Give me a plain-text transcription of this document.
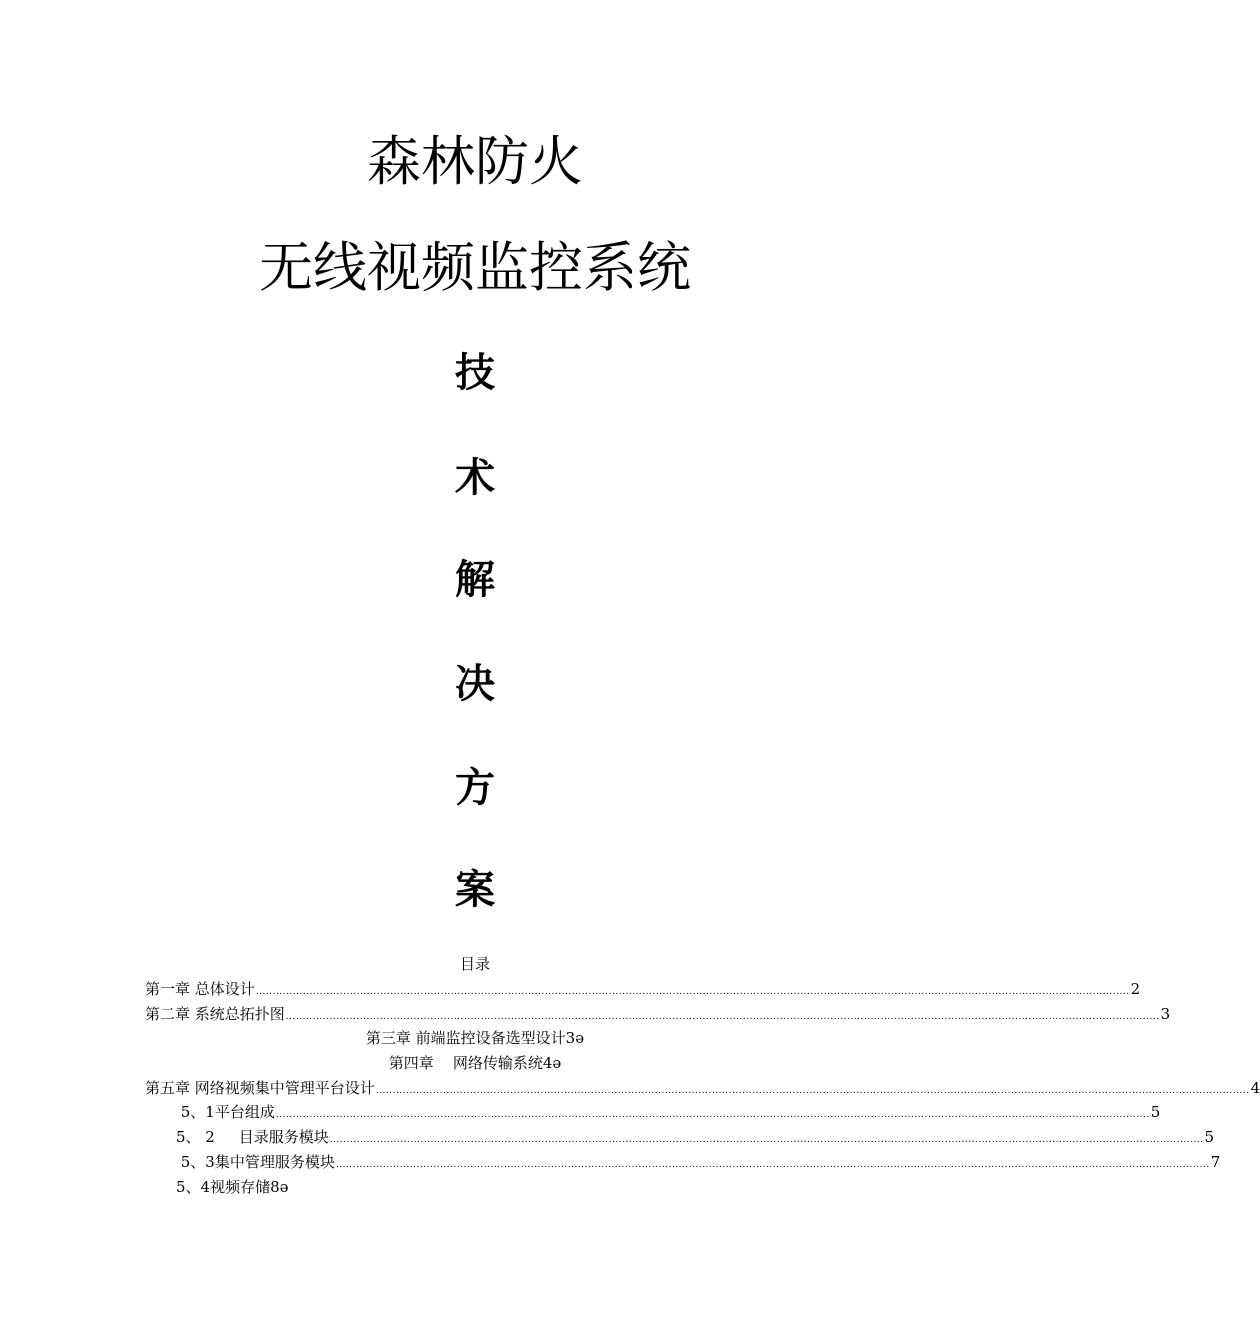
森林防火
无线视频监控系统
技
术
解
决
方
案
目录
第一章 总体设计 .................................................................................................................................................................................................................................................................... 2
第二章 系统总拓扑图 .................................................................................................................................................................................................................................................................... 3
第三章 前端监控设备选型设计3ə
第四章    网络传输系统4ə
第五章 网络视频集中管理平台设计 .................................................................................................................................................................................................................................................................... 4
5、1平台组成 .................................................................................................................................................................................................................................................................... 5
5、 2     目录服务模块 .................................................................................................................................................................................................................................................................... 5
5、3集中管理服务模块 .................................................................................................................................................................................................................................................................... 7
5、4视频存储8ə
